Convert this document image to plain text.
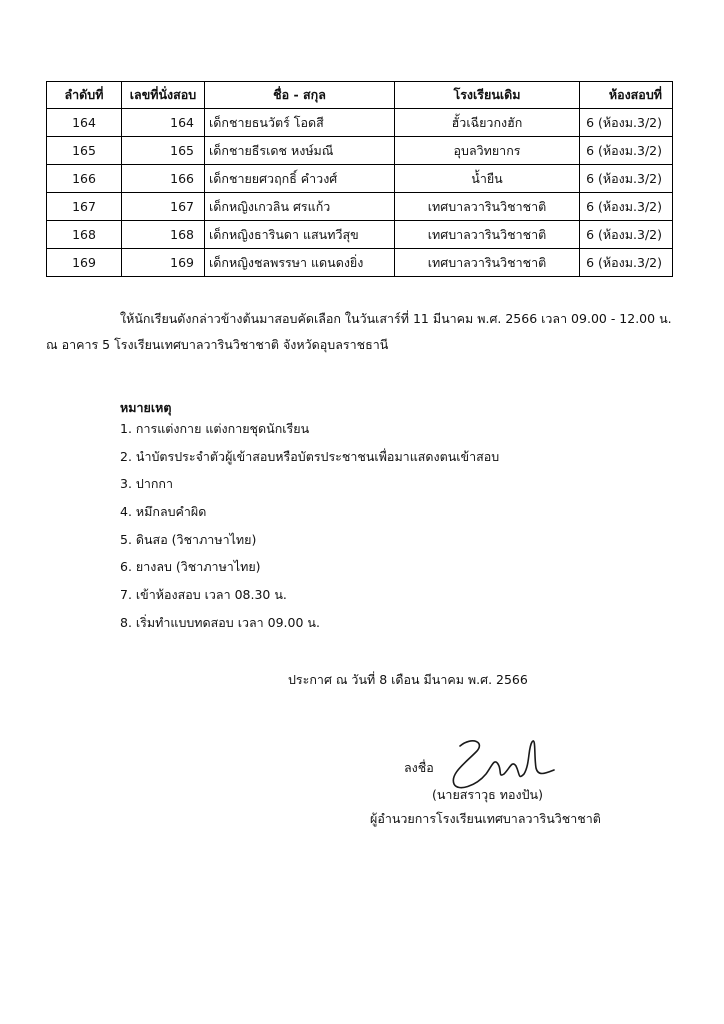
ลำดับที่	เลขที่นั่งสอบ	ชื่อ - สกุล	โรงเรียนเดิม	ห้องสอบที่
164	164	เด็กชายธนวัตร์ โอดสี	ฮั้วเฉียวกงฮัก	6 (ห้องม.3/2)
165	165	เด็กชายธีรเดช หงษ์มณี	อุบลวิทยากร	6 (ห้องม.3/2)
166	166	เด็กชายยศวฤกธิ์ คำวงศ์	น้ำยืน	6 (ห้องม.3/2)
167	167	เด็กหญิงเกวลิน ศรแก้ว	เทศบาลวารินวิชาชาติ	6 (ห้องม.3/2)
168	168	เด็กหญิงธารินดา แสนทวีสุข	เทศบาลวารินวิชาชาติ	6 (ห้องม.3/2)
169	169	เด็กหญิงชลพรรษา แดนดงยิ่ง	เทศบาลวารินวิชาชาติ	6 (ห้องม.3/2)
ให้นักเรียนดังกล่าวข้างต้นมาสอบคัดเลือก ในวันเสาร์ที่ 11 มีนาคม พ.ศ. 2566 เวลา 09.00 - 12.00 น.
ณ อาคาร 5 โรงเรียนเทศบาลวารินวิชาชาติ จังหวัดอุบลราชธานี
หมายเหตุ
1. การแต่งกาย แต่งกายชุดนักเรียน
2. นำบัตรประจำตัวผู้เข้าสอบหรือบัตรประชาชนเพื่อมาแสดงตนเข้าสอบ
3. ปากกา
4. หมึกลบคำผิด
5. ดินสอ (วิชาภาษาไทย)
6. ยางลบ (วิชาภาษาไทย)
7. เข้าห้องสอบ เวลา 08.30 น.
8. เริ่มทำแบบทดสอบ เวลา 09.00 น.
ประกาศ ณ วันที่ 8 เดือน มีนาคม พ.ศ. 2566
ลงชื่อ
(นายสราวุธ ทองปัน)
ผู้อำนวยการโรงเรียนเทศบาลวารินวิชาชาติ
